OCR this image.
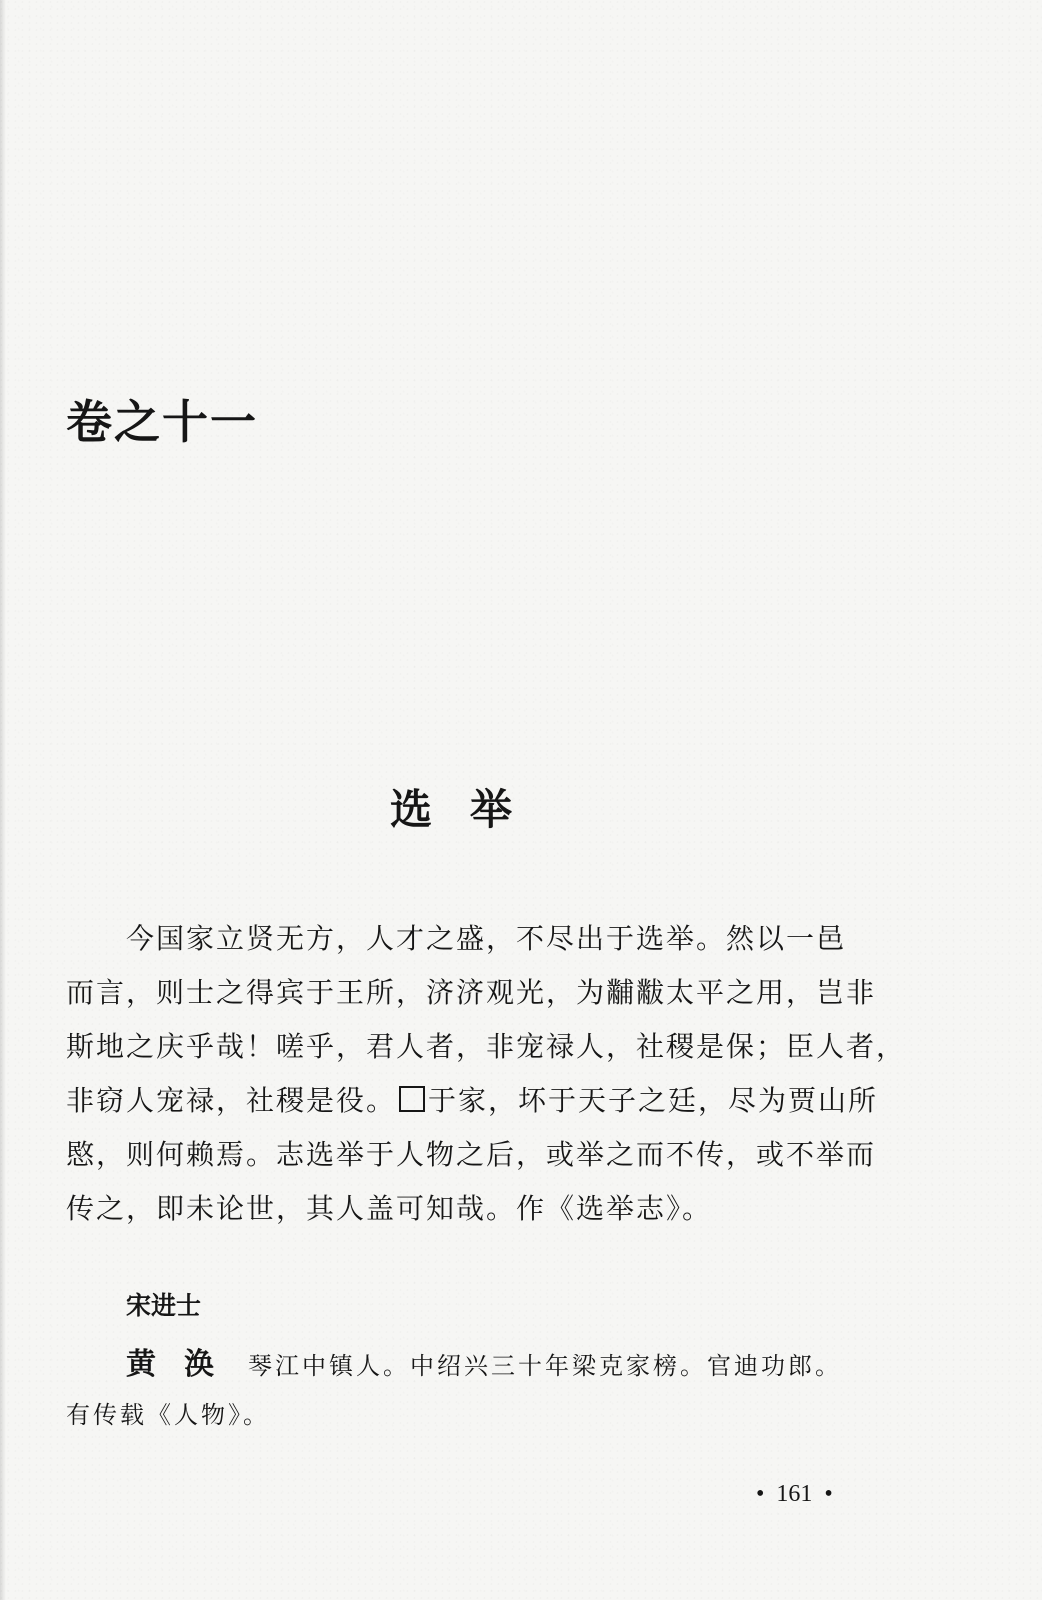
卷之十一
选举
今国家立贤无方，人才之盛，不尽出于选举。然以一邑
而言，则士之得宾于王所，济济观光，为黼黻太平之用，岂非
斯地之庆乎哉！嗟乎，君人者，非宠禄人，社稷是保；臣人者，
非窃人宠禄，社稷是役。 于家，坏于天子之廷，尽为贾山所
愍，则何赖焉。志选举于人物之后，或举之而不传，或不举而
传之，即未论世，其人盖可知哉。作《选举志》。
宋进士
黄涣 琴江中镇人。中绍兴三十年梁克家榜。官迪功郎。
有传载《人物》。
• 161 •
